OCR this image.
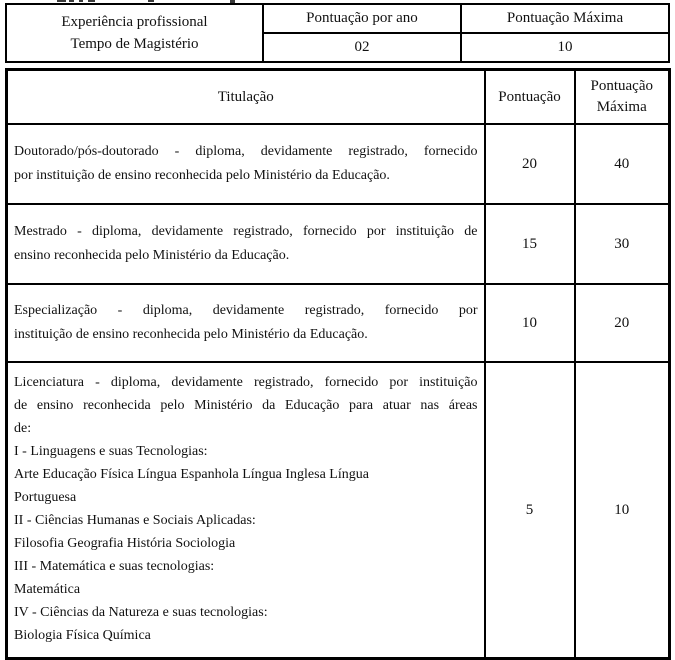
Experiência profissional
Tempo de Magistério	Pontuação por ano	Pontuação Máxima
	02	10
Titulação	Pontuação	Pontuação Máxima

Doutorado/pós-doutorado - diploma, devidamente registrado, fornecido
por instituição de ensino reconhecida pelo Ministério da Educação.	20	40

Mestrado - diploma, devidamente registrado, fornecido por instituição de
ensino reconhecida pelo Ministério da Educação.	15	30

Especialização - diploma, devidamente registrado, fornecido por
instituição de ensino reconhecida pelo Ministério da Educação.	10	20

Licenciatura - diploma, devidamente registrado, fornecido por instituição
de ensino reconhecida pelo Ministério da Educação para atuar nas áreas
de:
I - Linguagens e suas Tecnologias:
Arte Educação Física Língua Espanhola Língua Inglesa Língua
Portuguesa
II - Ciências Humanas e Sociais Aplicadas:
Filosofia Geografia História Sociologia
III - Matemática e suas tecnologias:
Matemática
IV - Ciências da Natureza e suas tecnologias:
Biologia Física Química
	5	10
